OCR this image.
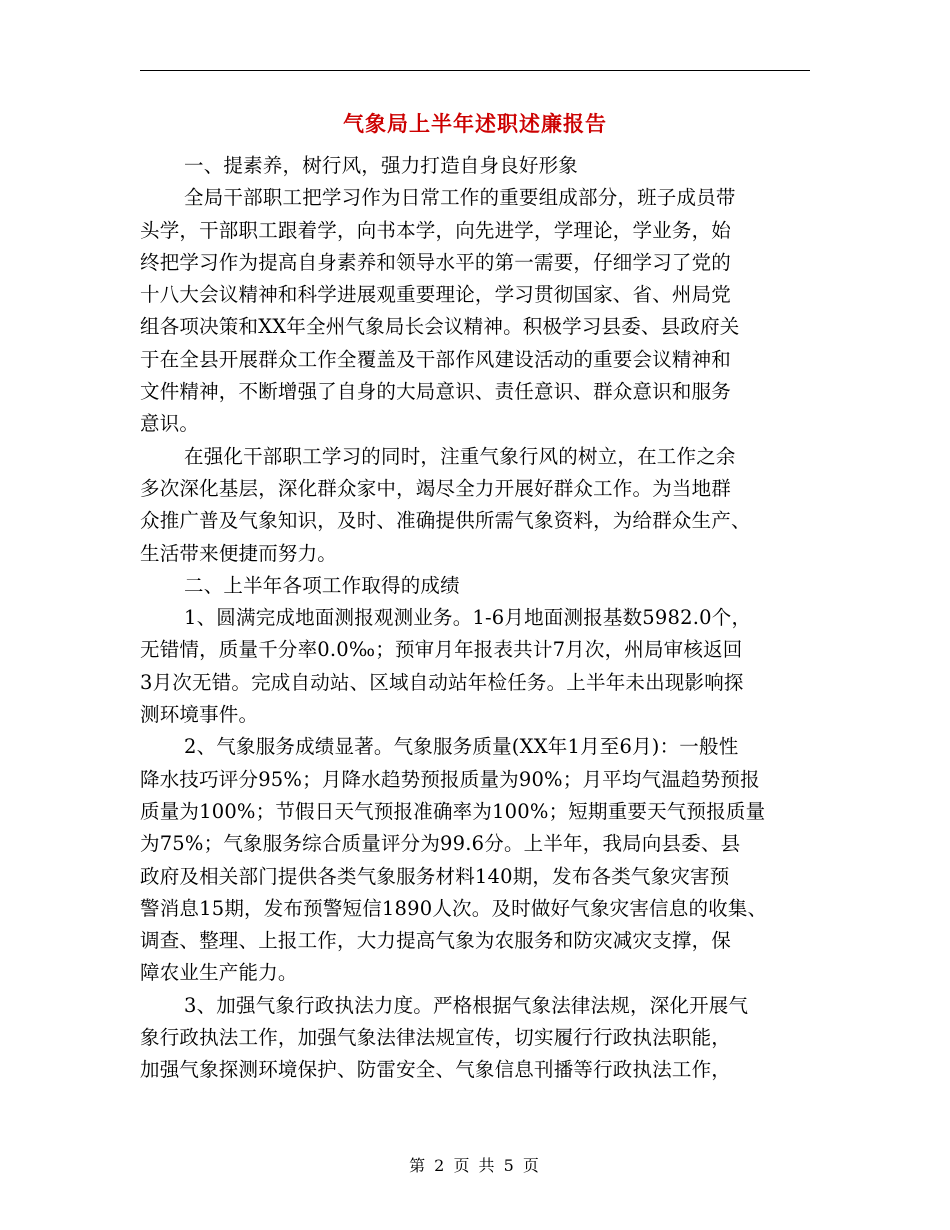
气象局上半年述职述廉报告
一、提素养，树行风，强力打造自身良好形象
全局干部职工把学习作为日常工作的重要组成部分，班子成员带
头学，干部职工跟着学，向书本学，向先进学，学理论，学业务，始
终把学习作为提高自身素养和领导水平的第一需要，仔细学习了党的
十八大会议精神和科学进展观重要理论，学习贯彻国家、省、州局党
组各项决策和XX年全州气象局长会议精神。积极学习县委、县政府关
于在全县开展群众工作全覆盖及干部作风建设活动的重要会议精神和
文件精神，不断增强了自身的大局意识、责任意识、群众意识和服务
意识。
在强化干部职工学习的同时，注重气象行风的树立，在工作之余
多次深化基层，深化群众家中，竭尽全力开展好群众工作。为当地群
众推广普及气象知识，及时、准确提供所需气象资料，为给群众生产、
生活带来便捷而努力。
二、上半年各项工作取得的成绩
1、圆满完成地面测报观测业务。1-6月地面测报基数5982.0个，
无错情，质量千分率0.0‰；预审月年报表共计7月次，州局审核返回
3月次无错。完成自动站、区域自动站年检任务。上半年未出现影响探
测环境事件。
2、气象服务成绩显著。气象服务质量(XX年1月至6月)：一般性
降水技巧评分95%；月降水趋势预报质量为90%；月平均气温趋势预报
质量为100%；节假日天气预报准确率为100%；短期重要天气预报质量
为75%；气象服务综合质量评分为99.6分。上半年，我局向县委、县
政府及相关部门提供各类气象服务材料140期，发布各类气象灾害预
警消息15期，发布预警短信1890人次。及时做好气象灾害信息的收集、
调查、整理、上报工作，大力提高气象为农服务和防灾减灾支撑，保
障农业生产能力。
3、加强气象行政执法力度。严格根据气象法律法规，深化开展气
象行政执法工作，加强气象法律法规宣传，切实履行行政执法职能，
加强气象探测环境保护、防雷安全、气象信息刊播等行政执法工作，
第 2 页 共 5 页
